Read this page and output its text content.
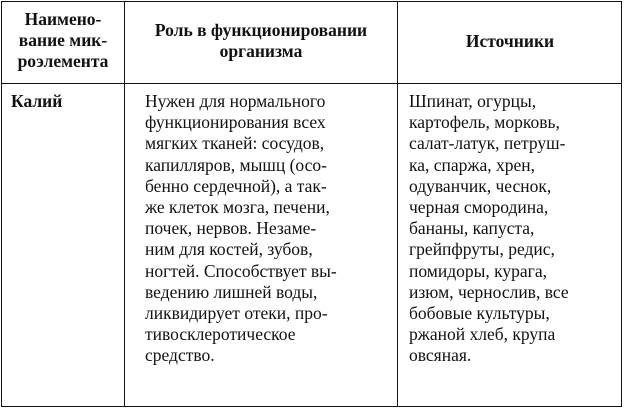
Наимено-
вание мик-
роэлемента
Роль в функционировании
организма
Источники
Калий	Нужен для нормального
функционирования всех
мягких тканей: сосудов,
капилляров, мышц (осо-
бенно сердечной), а так-
же клеток мозга, печени,
почек, нервов. Незаме-
ним для костей, зубов,
ногтей. Способствует вы-
ведению лишней воды,
ликвидирует отеки, про-
тивосклеротическое
средство.
Шпинат, огурцы,
картофель, морковь,
салат-латук, петруш-
ка, спаржа, хрен,
одуванчик, чеснок,
черная смородина,
бананы, капуста,
грейпфруты, редис,
помидоры, курага,
изюм, чернослив, все
бобовые культуры,
ржаной хлеб, крупа
овсяная.
